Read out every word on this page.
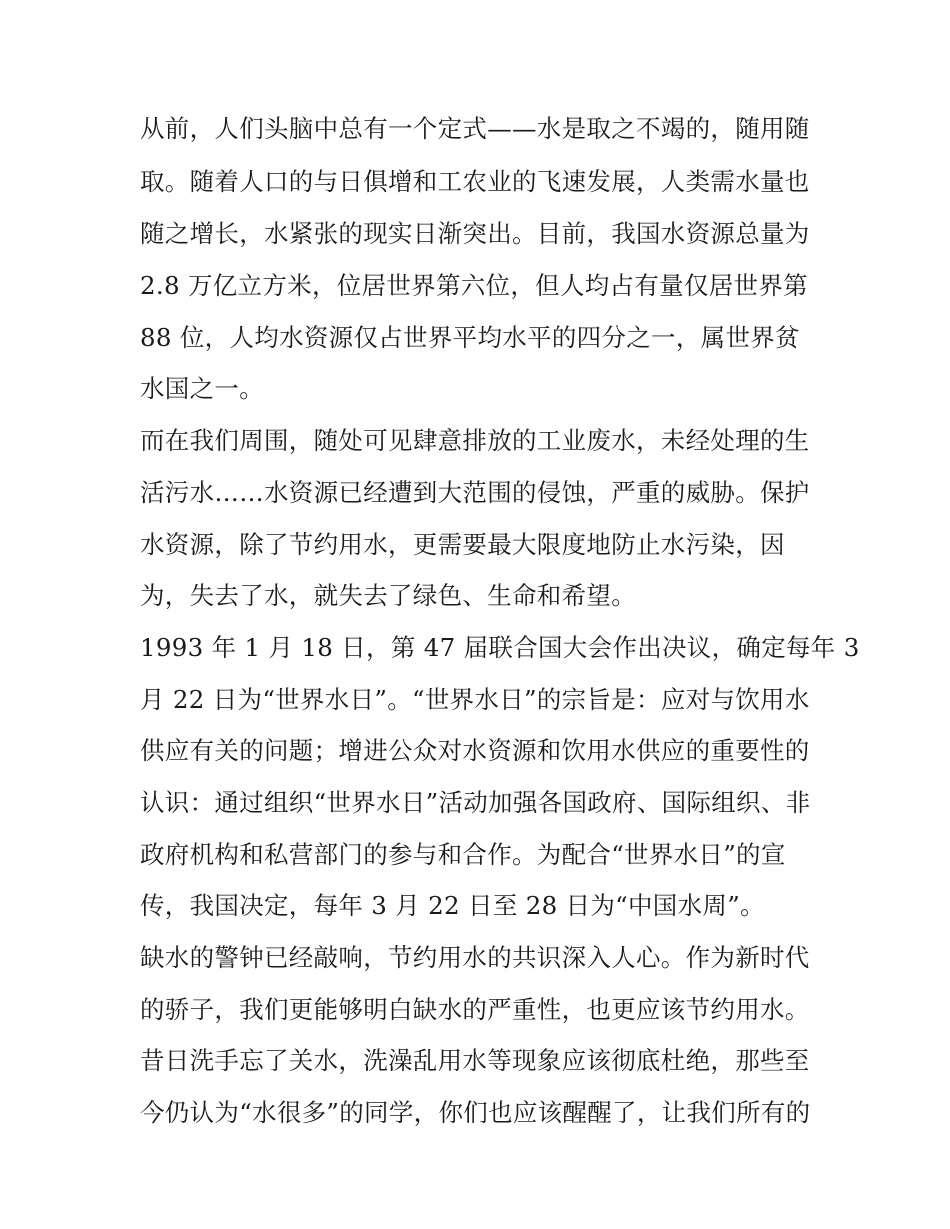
从前，人们头脑中总有一个定式——水是取之不竭的，随用随
取。随着人口的与日俱增和工农业的飞速发展，人类需水量也
随之增长，水紧张的现实日渐突出。目前，我国水资源总量为
2.8 万亿立方米，位居世界第六位，但人均占有量仅居世界第
88 位，人均水资源仅占世界平均水平的四分之一，属世界贫
水国之一。
而在我们周围，随处可见肆意排放的工业废水，未经处理的生
活污水……水资源已经遭到大范围的侵蚀，严重的威胁。保护
水资源，除了节约用水，更需要最大限度地防止水污染，因
为，失去了水，就失去了绿色、生命和希望。
1993 年 1 月 18 日，第 47 届联合国大会作出决议，确定每年 3
月 22 日为“世界水日”。“世界水日”的宗旨是：应对与饮用水
供应有关的问题；增进公众对水资源和饮用水供应的重要性的
认识：通过组织“世界水日”活动加强各国政府、国际组织、非
政府机构和私营部门的参与和合作。为配合“世界水日”的宣
传，我国决定，每年 3 月 22 日至 28 日为“中国水周”。
缺水的警钟已经敲响，节约用水的共识深入人心。作为新时代
的骄子，我们更能够明白缺水的严重性，也更应该节约用水。
昔日洗手忘了关水，洗澡乱用水等现象应该彻底杜绝，那些至
今仍认为“水很多”的同学，你们也应该醒醒了，让我们所有的
